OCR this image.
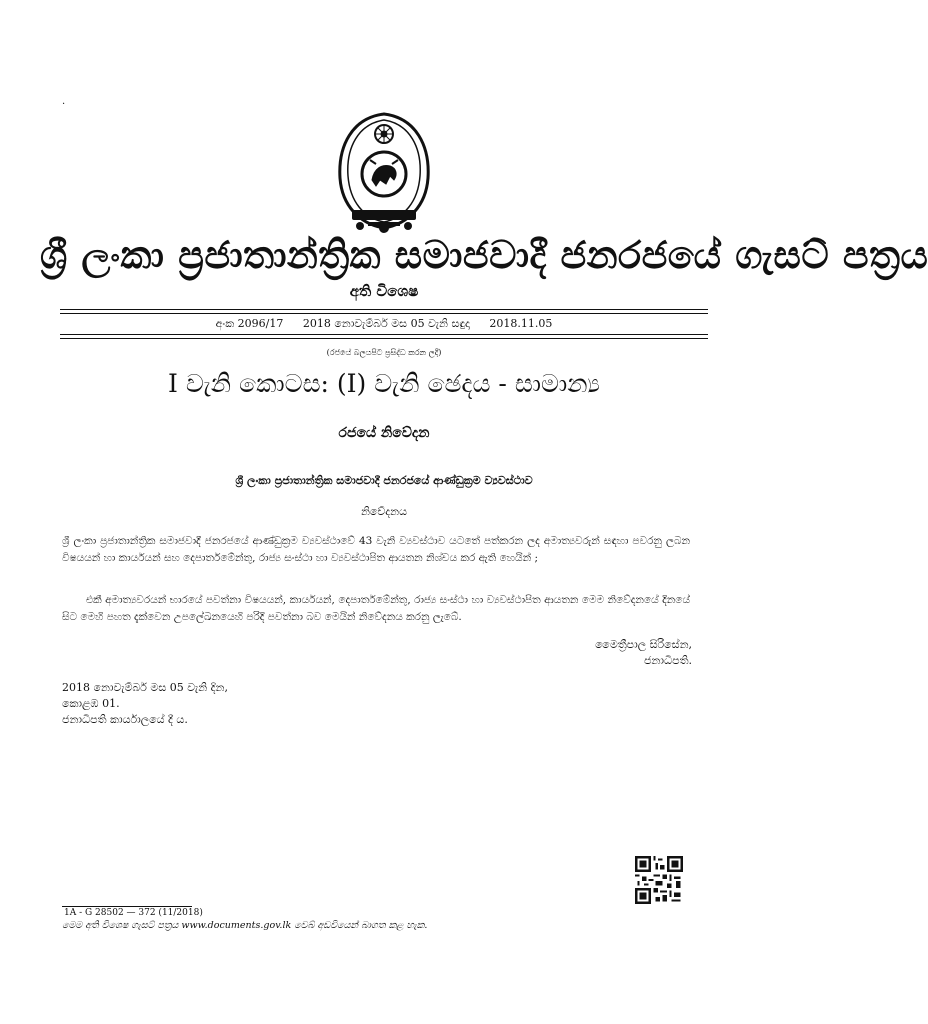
.
ශ්‍රී ලංකා ප්‍රජාතාන්ත්‍රික සමාජවාදී ජනරජයේ ගැසට් පත්‍රය
අති විශෙෂ
අංක 2096/17 2018 නොවැම්බර් මස 05 වැනි සඳුදා 2018.11.05
(රජයේ බලයපිට ප්‍රසිද්ධ කරන ලදී)
I වැනි කොටස: (I) වැනි ඡෙදය - සාමාන්‍ය
රජයේ නිවේදන
ශ්‍රී ලංකා ප්‍රජාතාන්ත්‍රික සමාජවාදී ජනරජයේ ආණ්ඩුක්‍රම ව්‍යවස්ථාව
නිවේදනය
ශ්‍රී ලංකා ප්‍රජාතාන්ත්‍රික සමාජවාදී ජනරජයේ ආණ්ඩුක්‍රම ව්‍යවස්ථාවේ 43 වැනි ව්‍යවස්ථාව යටතේ පත්කරන ලද අමාත්‍යවරුන් සඳහා පවරනු ලබන විෂයයන් හා කාර්යයන් සහ දෙපාර්තමේන්තු, රාජ්‍ය සංස්ථා හා ව්‍යවස්ථාපිත ආයතන නිශ්චය කර ඇති හෙයින් ;
එකී අමාත්‍යවරයන් භාරයේ පවත්නා විෂයයන්, කාර්යයන්, දෙපාර්තමේන්තු, රාජ්‍ය සංස්ථා හා ව්‍යවස්ථාපිත ආයතන මෙම නිවේදනයේ දිනයේ සිට මෙහි පහත දැක්වෙන උපලේඛනයෙහි පරිදි පවත්නා බව මෙයින් නිවේදනය කරනු ලැබේ.
මෛත්‍රීපාල සිරිසේන,
ජනාධිපති.
2018 නොවැම්බර් මස 05 වැනි දින,
කොළඹ 01.
ජනාධිපති කාර්යාලයේ දී ය.
1A - G 28502 — 372 (11/2018)
මෙම අති විශෙෂ ගැසට් පත්‍රය www.documents.gov.lk වෙබ් අඩවියෙන් බාගත කළ හැක.
